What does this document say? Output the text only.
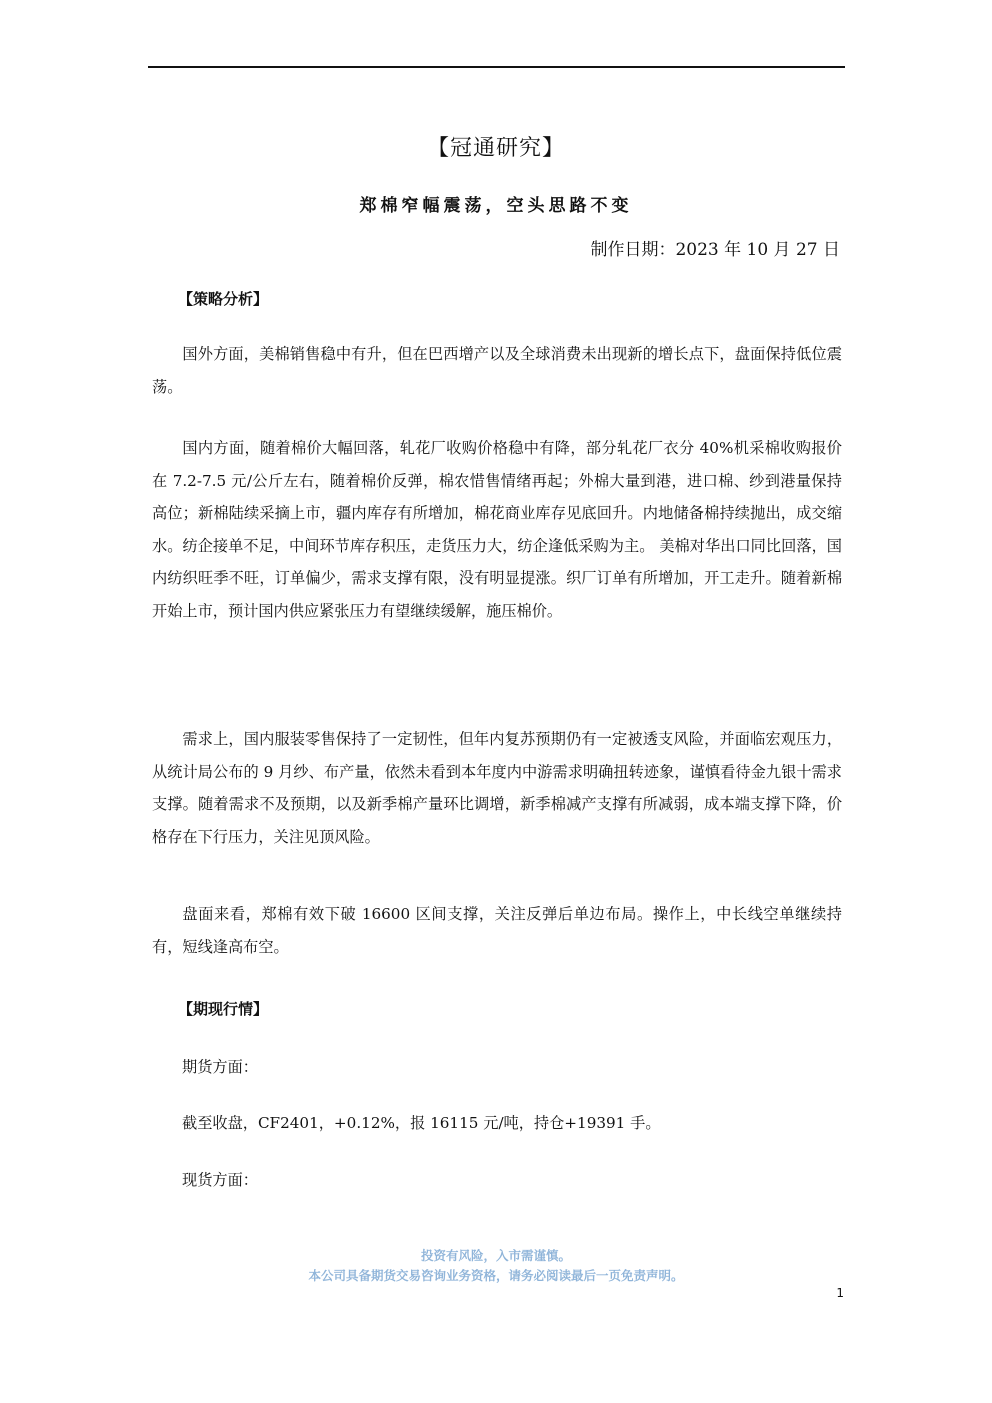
【冠通研究】
郑棉窄幅震荡，空头思路不变
制作日期：2023 年 10 月 27 日
【策略分析】

国外方面，美棉销售稳中有升，但在巴西增产以及全球消费未出现新的增长点下，盘面保持低位震荡。

国内方面，随着棉价大幅回落，轧花厂收购价格稳中有降，部分轧花厂衣分 40%机采棉收购报价在 7.2-7.5 元/公斤左右，随着棉价反弹，棉农惜售情绪再起；外棉大量到港，进口棉、纱到港量保持高位；新棉陆续采摘上市，疆内库存有所增加，棉花商业库存见底回升。内地储备棉持续抛出，成交缩水。纺企接单不足，中间环节库存积压，走货压力大，纺企逢低采购为主。 美棉对华出口同比回落，国内纺织旺季不旺，订单偏少，需求支撑有限，没有明显提涨。织厂订单有所增加，开工走升。随着新棉开始上市，预计国内供应紧张压力有望继续缓解，施压棉价。

需求上，国内服装零售保持了一定韧性，但年内复苏预期仍有一定被透支风险，并面临宏观压力，从统计局公布的 9 月纱、布产量，依然未看到本年度内中游需求明确扭转迹象，谨慎看待金九银十需求支撑。随着需求不及预期，以及新季棉产量环比调增，新季棉减产支撑有所减弱，成本端支撑下降，价格存在下行压力，关注见顶风险。

盘面来看，郑棉有效下破 16600 区间支撑，关注反弹后单边布局。操作上，中长线空单继续持有，短线逢高布空。

【期现行情】
期货方面：
截至收盘，CF2401，+0.12%，报 16115 元/吨，持仓+19391 手。
现货方面：
投资有风险，入市需谨慎。
本公司具备期货交易咨询业务资格，请务必阅读最后一页免责声明。
1
